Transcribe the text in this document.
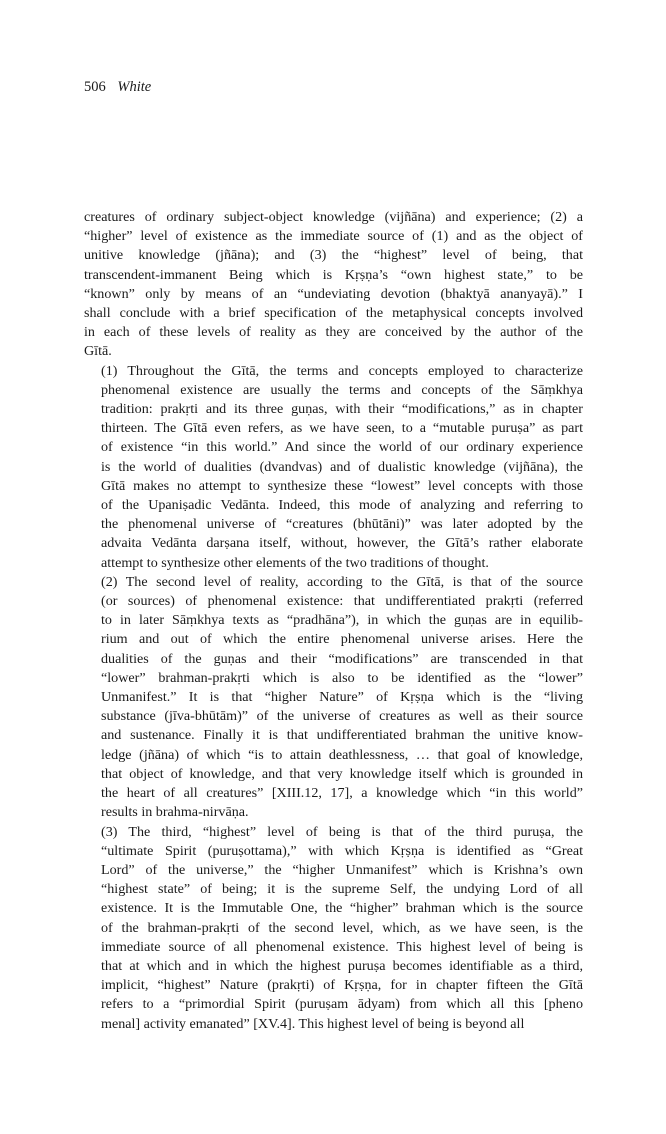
506 White

creatures of ordinary subject-object knowledge (vijñāna) and experience; (2) a
“higher” level of existence as the immediate source of (1) and as the object of
unitive knowledge (jñāna); and (3) the “highest” level of being, that
transcendent-immanent Being which is Kṛṣṇa’s “own highest state,” to be
“known” only by means of an “undeviating devotion (bhaktyā ananyayā).” I
shall conclude with a brief specification of the metaphysical concepts involved
in each of these levels of reality as they are conceived by the author of the
Gītā.

(1) Throughout the Gītā, the terms and concepts employed to characterize
phenomenal existence are usually the terms and concepts of the Sāṃkhya
tradition: prakṛti and its three guṇas, with their “modifications,” as in chapter
thirteen. The Gītā even refers, as we have seen, to a “mutable puruṣa” as part
of existence “in this world.” And since the world of our ordinary experience
is the world of dualities (dvandvas) and of dualistic knowledge (vijñāna), the
Gītā makes no attempt to synthesize these “lowest” level concepts with those
of the Upaniṣadic Vedānta. Indeed, this mode of analyzing and referring to
the phenomenal universe of “creatures (bhūtāni)” was later adopted by the
advaita Vedānta darṣana itself, without, however, the Gītā’s rather elaborate
attempt to synthesize other elements of the two traditions of thought.

(2) The second level of reality, according to the Gītā, is that of the source
(or sources) of phenomenal existence: that undifferentiated prakṛti (referred
to in later Sāṃkhya texts as “pradhāna”), in which the guṇas are in equilib-
rium and out of which the entire phenomenal universe arises. Here the
dualities of the guṇas and their “modifications” are transcended in that
“lower” brahman-prakṛti which is also to be identified as the “lower”
Unmanifest.” It is that “higher Nature” of Kṛṣṇa which is the “living
substance (jīva-bhūtām)” of the universe of creatures as well as their source
and sustenance. Finally it is that undifferentiated brahman the unitive know-
ledge (jñāna) of which “is to attain deathlessness, … that goal of knowledge,
that object of knowledge, and that very knowledge itself which is grounded in
the heart of all creatures” [XIII.12, 17], a knowledge which “in this world”
results in brahma-nirvāṇa.

(3) The third, “highest” level of being is that of the third puruṣa, the
“ultimate Spirit (puruṣottama),” with which Kṛṣṇa is identified as “Great
Lord” of the universe,” the “higher Unmanifest” which is Krishna’s own
“highest state” of being; it is the supreme Self, the undying Lord of all
existence. It is the Immutable One, the “higher” brahman which is the source
of the brahman-prakṛti of the second level, which, as we have seen, is the
immediate source of all phenomenal existence. This highest level of being is
that at which and in which the highest puruṣa becomes identifiable as a third,
implicit, “highest” Nature (prakṛti) of Kṛṣṇa, for in chapter fifteen the Gītā
refers to a “primordial Spirit (puruṣam ādyam) from which all this [pheno
menal] activity emanated” [XV.4]. This highest level of being is beyond all
